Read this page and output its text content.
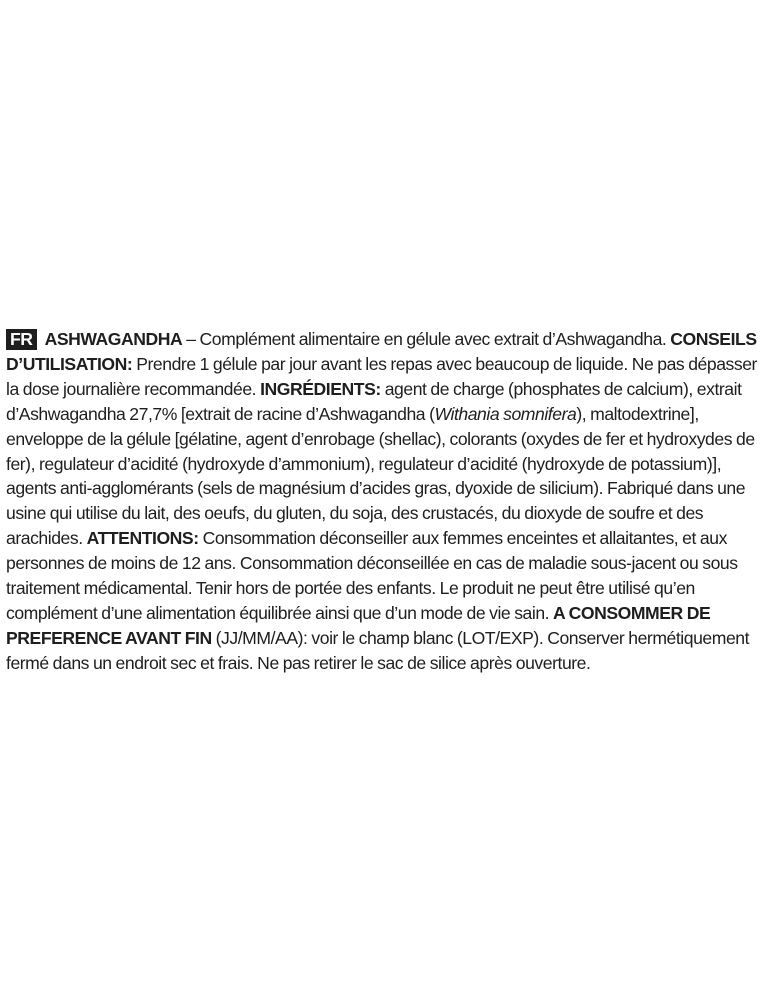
FR ASHWAGANDHA – Complément alimentaire en gélule avec extrait d’Ashwagandha. CONSEILS D’UTILISATION: Prendre 1 gélule par jour avant les repas avec beaucoup de liquide. Ne pas dépasser la dose journalière recommandée. INGRÉDIENTS: agent de charge (phosphates de calcium), extrait d’Ashwagandha 27,7% [extrait de racine d’Ashwagandha (Withania somnifera), maltodextrine], enveloppe de la gélule [gélatine, agent d’enrobage (shellac), colorants (oxydes de fer et hydroxydes de fer), regulateur d’acidité (hydroxyde d’ammonium), regulateur d’acidité (hydroxyde de potassium)], agents anti-agglomérants (sels de magnésium d’acides gras, dyoxide de silicium). Fabriqué dans une usine qui utilise du lait, des oeufs, du gluten, du soja, des crustacés, du dioxyde de soufre et des arachides. ATTENTIONS: Consommation déconseiller aux femmes enceintes et allaitantes, et aux personnes de moins de 12 ans. Consommation déconseillée en cas de maladie sous-jacent ou sous traitement médicamental. Tenir hors de portée des enfants. Le produit ne peut être utilisé qu’en complément d’une alimentation équilibrée ainsi que d’un mode de vie sain. A CONSOMMER DE PREFERENCE AVANT FIN (JJ/MM/AA): voir le champ blanc (LOT/EXP). Conserver hermétiquement fermé dans un endroit sec et frais. Ne pas retirer le sac de silice après ouverture.
